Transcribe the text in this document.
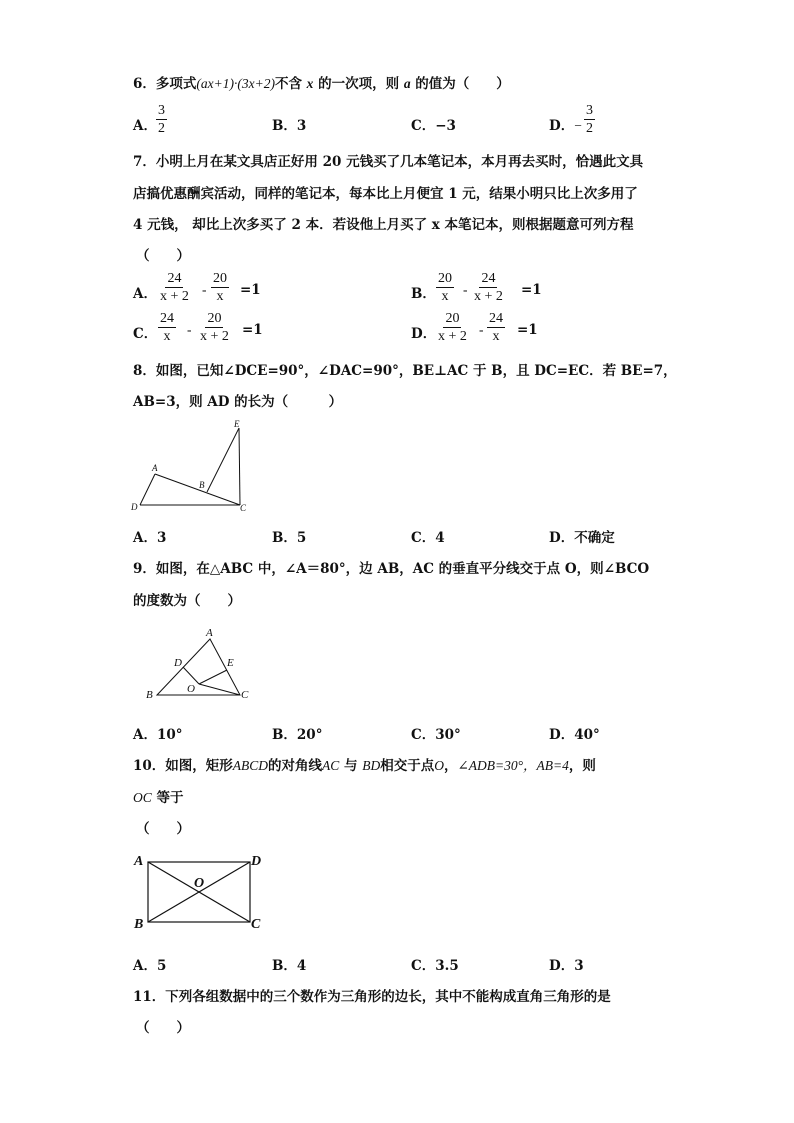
6．多项式(ax+1)·(3x+2)不含 x 的一次项，则 a 的值为（　　）
A． $\frac{3}{2}$	B．3	C．−3	D．− $\frac{3}{2}$
7．小明上月在某文具店正好用 20 元钱买了几本笔记本，本月再去买时，恰遇此文具
店搞优惠酬宾活动，同样的笔记本，每本比上月便宜 1 元，结果小明只比上次多用了
4 元钱， 却比上次多买了 2 本．若设他上月买了 x 本笔记本，则根据题意可列方程
（　　）
A． $\frac{24}{x + 2} - \frac{20}{x} =1$	B． $\frac{20}{x} - \frac{24}{x + 2} =1$
C． $\frac{24}{x} - \frac{20}{x + 2} =1$	D． $\frac{20}{x + 2} - \frac{24}{x} =1$
8．如图，已知∠DCE=90°，∠DAC=90°，BE⊥AC 于 B，且 DC=EC．若 BE=7，
AB=3，则 AD 的长为（　　　）
A
B
C
D
E
A．3	B．5	C．4	D．不确定
9．如图，在△ABC 中，∠A＝80°，边 AB，AC 的垂直平分线交于点 O，则∠BCO
的度数为（　　）
A
B	C
D	E
O
A．10°	B．20°	C．30°	D．40°
10．如图，矩形ABCD的对角线AC 与 BD相交于点O，∠ADB=30°，AB=4，则
OC 等于
（　　）
A	D
O
B	C
A．5	B．4	C．3.5	D．3
11．下列各组数据中的三个数作为三角形的边长，其中不能构成直角三角形的是
（　　）
